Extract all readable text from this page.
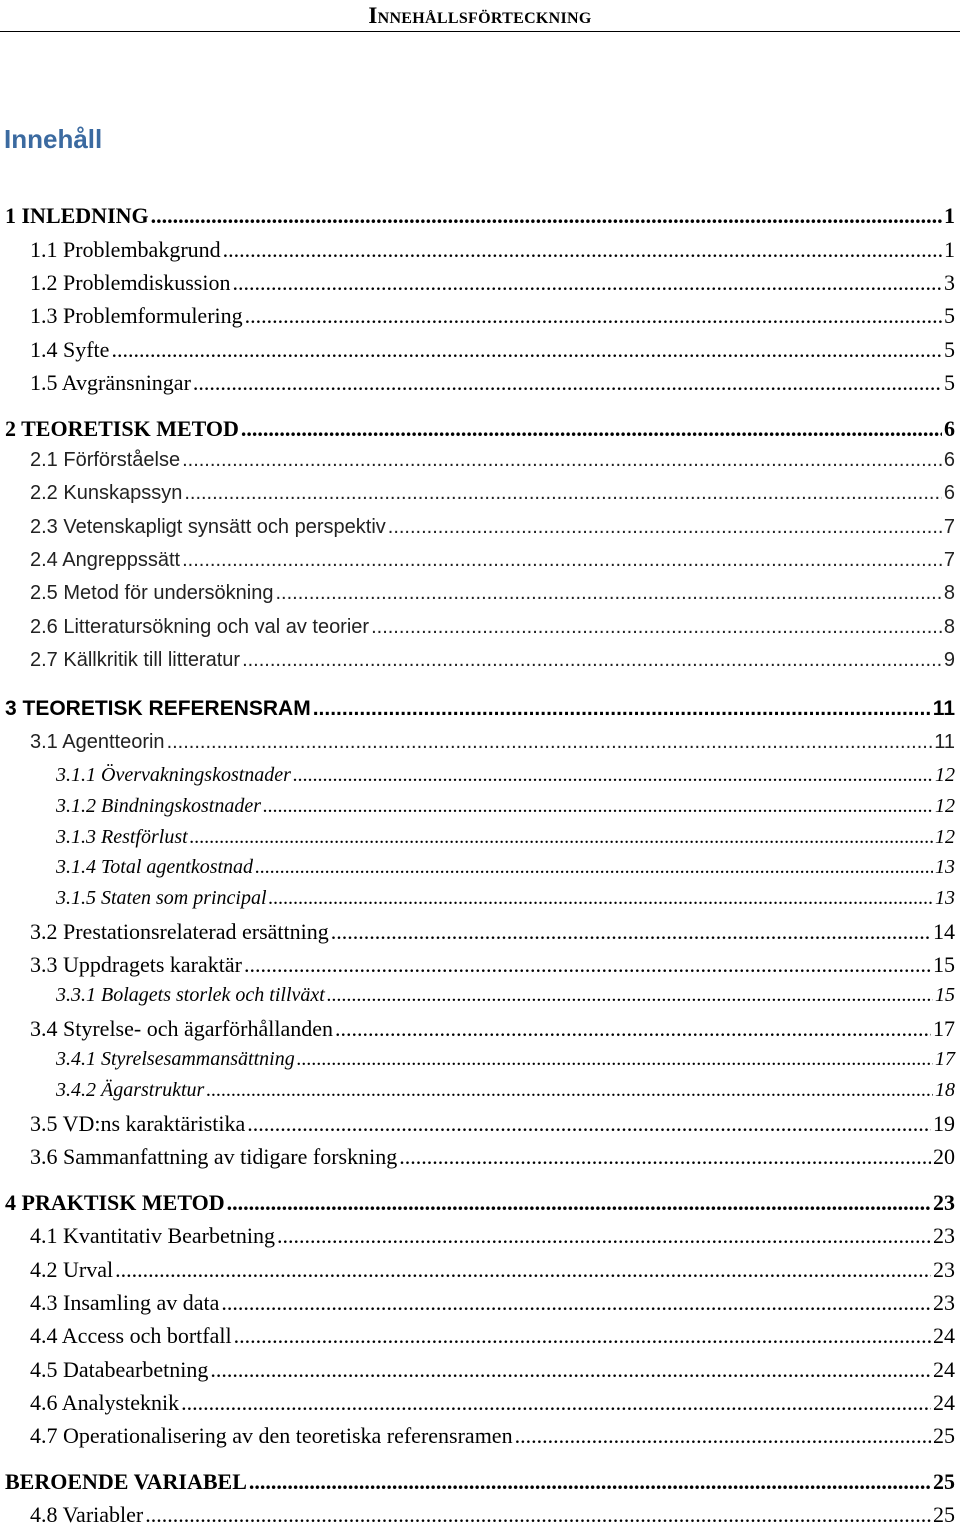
Innehållsförteckning
Innehåll
1 INLEDNING .....	1
1.1 Problembakgrund .....	1
1.2 Problemdiskussion .....	3
1.3 Problemformulering .....	5
1.4 Syfte .....	5
1.5 Avgränsningar .....	5
2 TEORETISK METOD .....	6
2.1 Förförståelse .....	6
2.2 Kunskapssyn .....	6
2.3 Vetenskapligt synsätt och perspektiv .....	7
2.4 Angreppssätt .....	7
2.5 Metod för undersökning .....	8
2.6 Litteratursökning och val av teorier .....	8
2.7 Källkritik till litteratur .....	9
3 TEORETISK REFERENSRAM .....	11
3.1 Agentteorin .....	11
3.1.1 Övervakningskostnader .....	12
3.1.2 Bindningskostnader .....	12
3.1.3 Restförlust .....	12
3.1.4 Total agentkostnad .....	13
3.1.5 Staten som principal .....	13
3.2 Prestationsrelaterad ersättning .....	14
3.3 Uppdragets karaktär .....	15
3.3.1 Bolagets storlek och tillväxt .....	15
3.4 Styrelse- och ägarförhållanden .....	17
3.4.1 Styrelsesammansättning .....	17
3.4.2 Ägarstruktur .....	18
3.5 VD:ns karaktäristika .....	19
3.6 Sammanfattning av tidigare forskning .....	20
4 PRAKTISK METOD .....	23
4.1 Kvantitativ Bearbetning .....	23
4.2 Urval .....	23
4.3 Insamling av data .....	23
4.4 Access och bortfall .....	24
4.5 Databearbetning .....	24
4.6 Analysteknik .....	24
4.7 Operationalisering av den teoretiska referensramen .....	25
BEROENDE VARIABEL .....	25
4.8 Variabler .....	25
